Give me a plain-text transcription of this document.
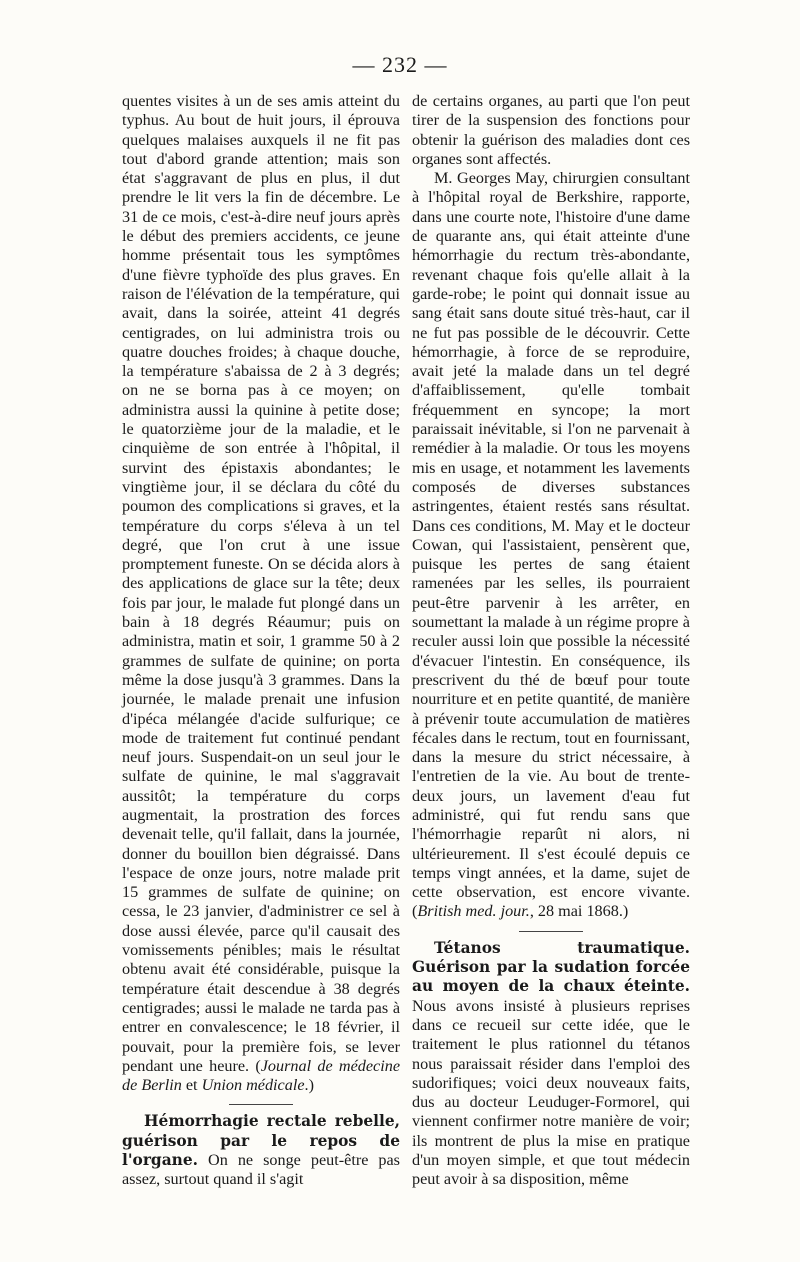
— 232 —

quentes visites à un de ses amis atteint du typhus. Au bout de huit jours, il éprouva quelques malaises auxquels il ne fit pas tout d'abord grande attention; mais son état s'aggravant de plus en plus, il dut prendre le lit vers la fin de décembre. Le 31 de ce mois, c'est-à-dire neuf jours après le début des premiers accidents, ce jeune homme présentait tous les symptômes d'une fièvre typhoïde des plus graves. En raison de l'élévation de la température, qui avait, dans la soirée, atteint 41 degrés centigrades, on lui administra trois ou quatre douches froides; à chaque douche, la température s'abaissa de 2 à 3 degrés; on ne se borna pas à ce moyen; on administra aussi la quinine à petite dose; le quatorzième jour de la maladie, et le cinquième de son entrée à l'hôpital, il survint des épistaxis abondantes; le vingtième jour, il se déclara du côté du poumon des complications si graves, et la température du corps s'éleva à un tel degré, que l'on crut à une issue promptement funeste. On se décida alors à des applications de glace sur la tête; deux fois par jour, le malade fut plongé dans un bain à 18 degrés Réaumur; puis on administra, matin et soir, 1 gramme 50 à 2 grammes de sulfate de quinine; on porta même la dose jusqu'à 3 grammes. Dans la journée, le malade prenait une infusion d'ipéca mélangée d'acide sulfurique; ce mode de traitement fut continué pendant neuf jours. Suspendait-on un seul jour le sulfate de quinine, le mal s'aggravait aussitôt; la température du corps augmentait, la prostration des forces devenait telle, qu'il fallait, dans la journée, donner du bouillon bien dégraissé. Dans l'espace de onze jours, notre malade prit 15 grammes de sulfate de quinine; on cessa, le 23 janvier, d'administrer ce sel à dose aussi élevée, parce qu'il causait des vomissements pénibles; mais le résultat obtenu avait été considérable, puisque la température était descendue à 38 degrés centigrades; aussi le malade ne tarda pas à entrer en convalescence; le 18 février, il pouvait, pour la première fois, se lever pendant une heure. (Journal de médecine de Berlin et Union médicale.)

Hémorrhagie rectale rebelle, guérison par le repos de l'organe. On ne songe peut-être pas assez, surtout quand il s'agit

de certains organes, au parti que l'on peut tirer de la suspension des fonctions pour obtenir la guérison des maladies dont ces organes sont affectés.

M. Georges May, chirurgien consultant à l'hôpital royal de Berkshire, rapporte, dans une courte note, l'histoire d'une dame de quarante ans, qui était atteinte d'une hémorrhagie du rectum très-abondante, revenant chaque fois qu'elle allait à la garde-robe; le point qui donnait issue au sang était sans doute situé très-haut, car il ne fut pas possible de le découvrir. Cette hémorrhagie, à force de se reproduire, avait jeté la malade dans un tel degré d'affaiblissement, qu'elle tombait fréquemment en syncope; la mort paraissait inévitable, si l'on ne parvenait à remédier à la maladie. Or tous les moyens mis en usage, et notamment les lavements composés de diverses substances astringentes, étaient restés sans résultat. Dans ces conditions, M. May et le docteur Cowan, qui l'assistaient, pensèrent que, puisque les pertes de sang étaient ramenées par les selles, ils pourraient peut-être parvenir à les arrêter, en soumettant la malade à un régime propre à reculer aussi loin que possible la nécessité d'évacuer l'intestin. En conséquence, ils prescrivent du thé de bœuf pour toute nourriture et en petite quantité, de manière à prévenir toute accumulation de matières fécales dans le rectum, tout en fournissant, dans la mesure du strict nécessaire, à l'entretien de la vie. Au bout de trente-deux jours, un lavement d'eau fut administré, qui fut rendu sans que l'hémorrhagie reparût ni alors, ni ultérieurement. Il s'est écoulé depuis ce temps vingt années, et la dame, sujet de cette observation, est encore vivante. (British med. jour., 28 mai 1868.)

Tétanos traumatique. Guérison par la sudation forcée au moyen de la chaux éteinte. Nous avons insisté à plusieurs reprises dans ce recueil sur cette idée, que le traitement le plus rationnel du tétanos nous paraissait résider dans l'emploi des sudorifiques; voici deux nouveaux faits, dus au docteur Leuduger-Formorel, qui viennent confirmer notre manière de voir; ils montrent de plus la mise en pratique d'un moyen simple, et que tout médecin peut avoir à sa disposition, même
